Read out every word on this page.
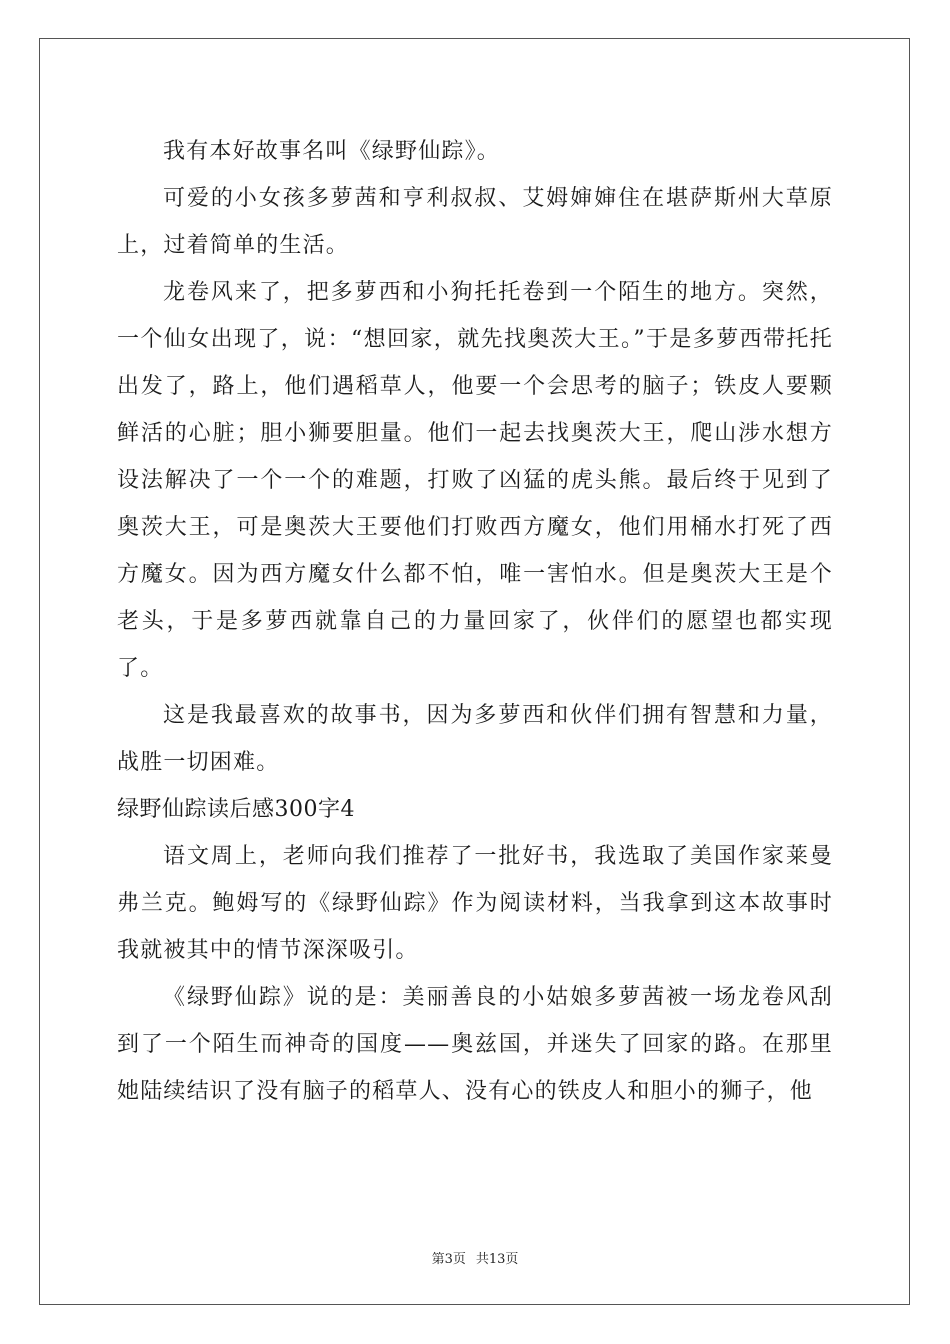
我有本好故事名叫《绿野仙踪》。

可爱的小女孩多萝茜和亨利叔叔、艾姆婶婶住在堪萨斯州大草原上，过着简单的生活。

龙卷风来了，把多萝西和小狗托托卷到一个陌生的地方。突然，一个仙女出现了，说：“想回家，就先找奥茨大王。”于是多萝西带托托出发了，路上，他们遇稻草人，他要一个会思考的脑子；铁皮人要颗鲜活的心脏；胆小狮要胆量。他们一起去找奥茨大王，爬山涉水想方设法解决了一个一个的难题，打败了凶猛的虎头熊。最后终于见到了奥茨大王，可是奥茨大王要他们打败西方魔女，他们用桶水打死了西方魔女。因为西方魔女什么都不怕，唯一害怕水。但是奥茨大王是个老头，于是多萝西就靠自己的力量回家了，伙伴们的愿望也都实现了。

这是我最喜欢的故事书，因为多萝西和伙伴们拥有智慧和力量，战胜一切困难。

绿野仙踪读后感300字4

语文周上，老师向我们推荐了一批好书，我选取了美国作家莱曼弗兰克。鲍姆写的《绿野仙踪》作为阅读材料，当我拿到这本故事时我就被其中的情节深深吸引。

《绿野仙踪》说的是：美丽善良的小姑娘多萝茜被一场龙卷风刮到了一个陌生而神奇的国度——奥兹国，并迷失了回家的路。在那里她陆续结识了没有脑子的稻草人、没有心的铁皮人和胆小的狮子，他

第3页 共13页
